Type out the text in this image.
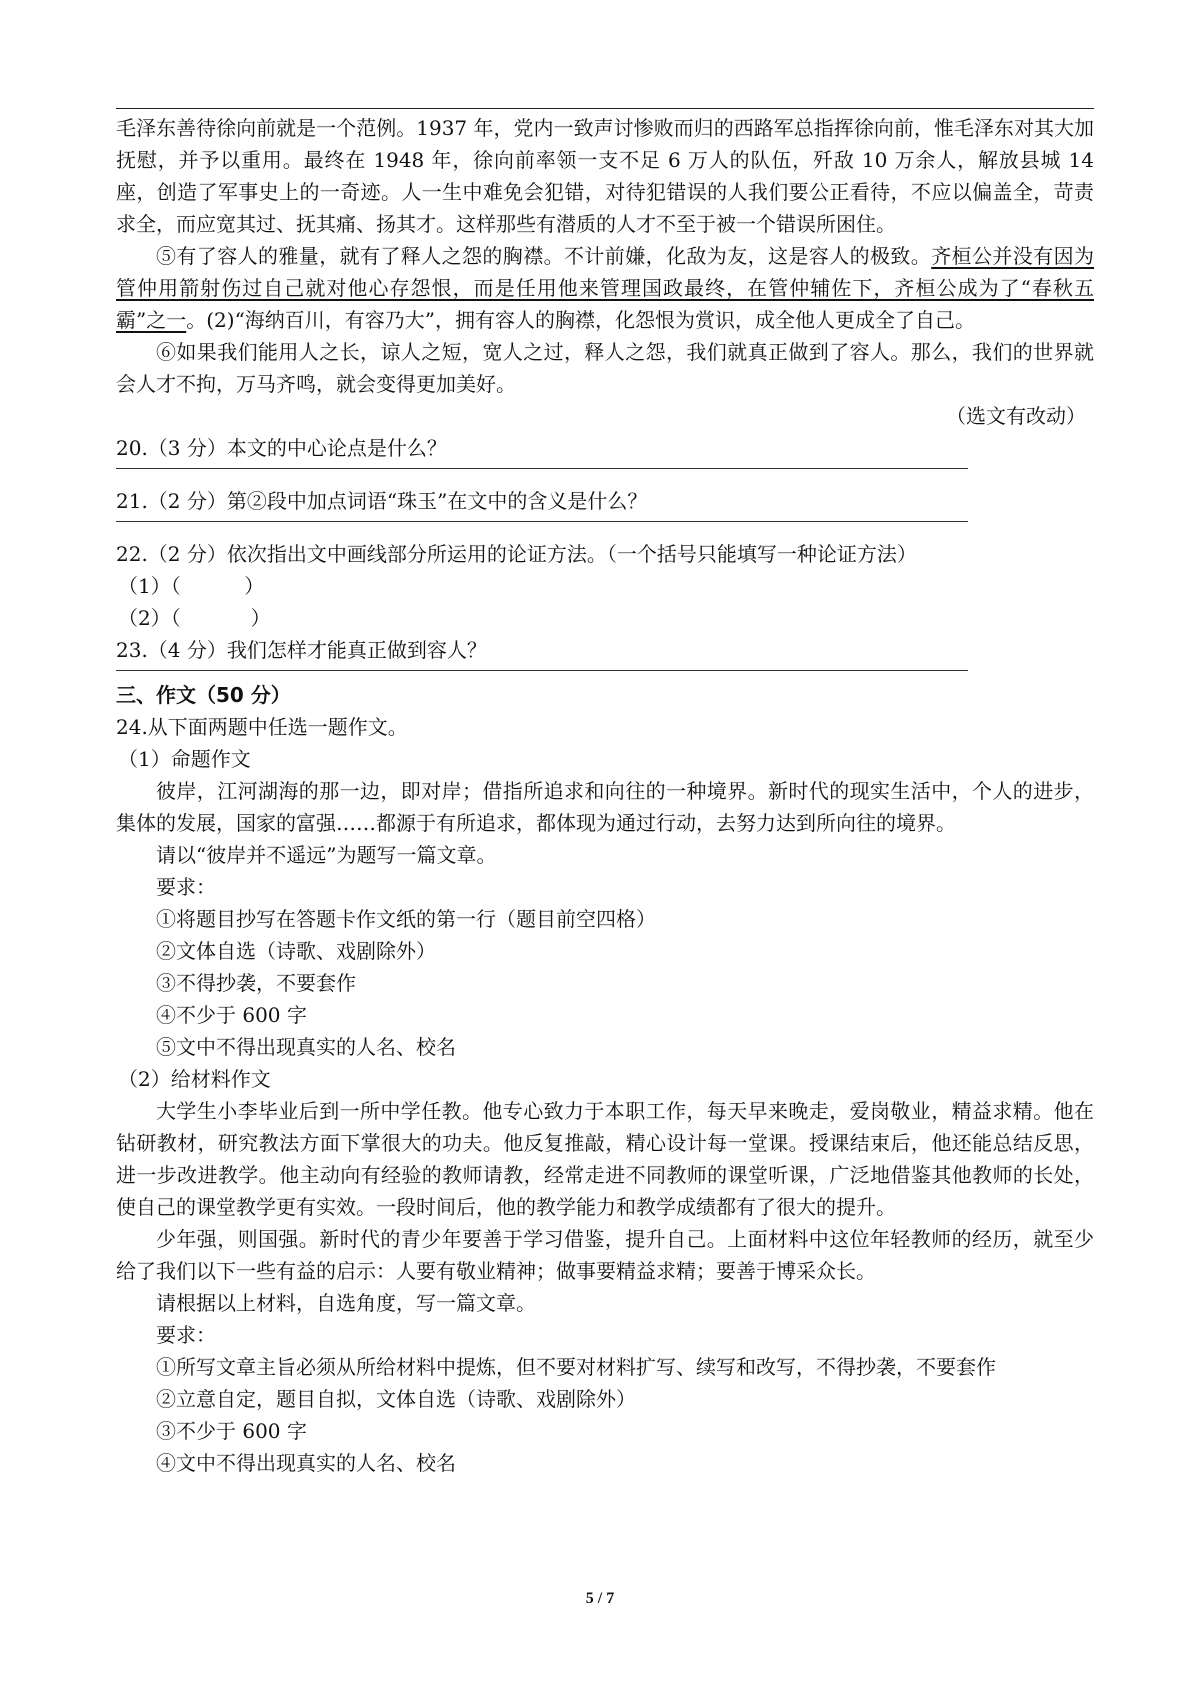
毛泽东善待徐向前就是一个范例。1937 年，党内一致声讨惨败而归的西路军总指挥徐向前，惟毛泽东对其大加抚慰，并予以重用。最终在 1948 年，徐向前率领一支不足 6 万人的队伍，歼敌 10 万余人，解放县城 14 座，创造了军事史上的一奇迹。人一生中难免会犯错，对待犯错误的人我们要公正看待，不应以偏盖全，苛责求全，而应宽其过、抚其痛、扬其才。这样那些有潜质的人才不至于被一个错误所困住。

⑤有了容人的雅量，就有了释人之怨的胸襟。不计前嫌，化敌为友，这是容人的极致。齐桓公并没有因为管仲用箭射伤过自己就对他心存怨恨，而是任用他来管理国政最终，在管仲辅佐下，齐桓公成为了“春秋五霸”之一。(2)“海纳百川，有容乃大”，拥有容人的胸襟，化怨恨为赏识，成全他人更成全了自己。

⑥如果我们能用人之长，谅人之短，宽人之过，释人之怨，我们就真正做到了容人。那么，我们的世界就会人才不拘，万马齐鸣，就会变得更加美好。

（选文有改动）

20.（3 分）本文的中心论点是什么？

21.（2 分）第②段中加点词语“珠玉”在文中的含义是什么？

22.（2 分）依次指出文中画线部分所运用的论证方法。（一个括号只能填写一种论证方法）

（1）（          ）

（2）（           ）

23.（4 分）我们怎样才能真正做到容人？

三、作文（50 分）

24.从下面两题中任选一题作文。

（1）命题作文

彼岸，江河湖海的那一边，即对岸；借指所追求和向往的一种境界。新时代的现实生活中，个人的进步，集体的发展，国家的富强……都源于有所追求，都体现为通过行动，去努力达到所向往的境界。

请以“彼岸并不遥远”为题写一篇文章。

要求：

①将题目抄写在答题卡作文纸的第一行（题目前空四格）

②文体自选（诗歌、戏剧除外）

③不得抄袭，不要套作

④不少于 600 字

⑤文中不得出现真实的人名、校名

（2）给材料作文

大学生小李毕业后到一所中学任教。他专心致力于本职工作，每天早来晚走，爱岗敬业，精益求精。他在钻研教材，研究教法方面下掌很大的功夫。他反复推敲，精心设计每一堂课。授课结束后，他还能总结反思，进一步改进教学。他主动向有经验的教师请教，经常走进不同教师的课堂听课，广泛地借鉴其他教师的长处，使自己的课堂教学更有实效。一段时间后，他的教学能力和教学成绩都有了很大的提升。

少年强，则国强。新时代的青少年要善于学习借鉴，提升自己。上面材料中这位年轻教师的经历，就至少给了我们以下一些有益的启示：人要有敬业精神；做事要精益求精；要善于博采众长。

请根据以上材料，自选角度，写一篇文章。

要求：

①所写文章主旨必须从所给材料中提炼，但不要对材料扩写、续写和改写，不得抄袭，不要套作

②立意自定，题目自拟，文体自选（诗歌、戏剧除外）

③不少于 600 字

④文中不得出现真实的人名、校名

5 / 7
